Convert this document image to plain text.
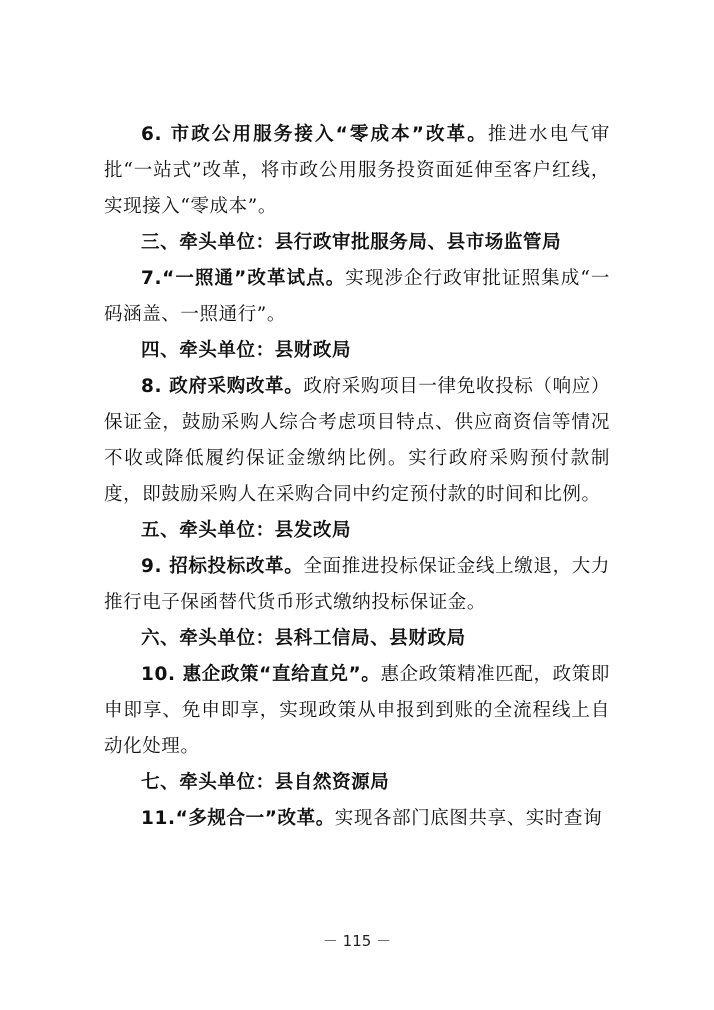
6. 市政公用服务接入“零成本”改革。推进水电气审批“一站式”改革，将市政公用服务投资面延伸至客户红线，实现接入“零成本”。

三、牵头单位：县行政审批服务局、县市场监管局

7.“一照通”改革试点。实现涉企行政审批证照集成“一码涵盖、一照通行”。

四、牵头单位：县财政局

8. 政府采购改革。政府采购项目一律免收投标（响应）保证金，鼓励采购人综合考虑项目特点、供应商资信等情况不收或降低履约保证金缴纳比例。实行政府采购预付款制度，即鼓励采购人在采购合同中约定预付款的时间和比例。

五、牵头单位：县发改局

9. 招标投标改革。全面推进投标保证金线上缴退，大力推行电子保函替代货币形式缴纳投标保证金。

六、牵头单位：县科工信局、县财政局

10. 惠企政策“直给直兑”。惠企政策精准匹配，政策即申即享、免申即享，实现政策从申报到到账的全流程线上自动化处理。

七、牵头单位：县自然资源局

11.“多规合一”改革。实现各部门底图共享、实时查询

－ 115 －
